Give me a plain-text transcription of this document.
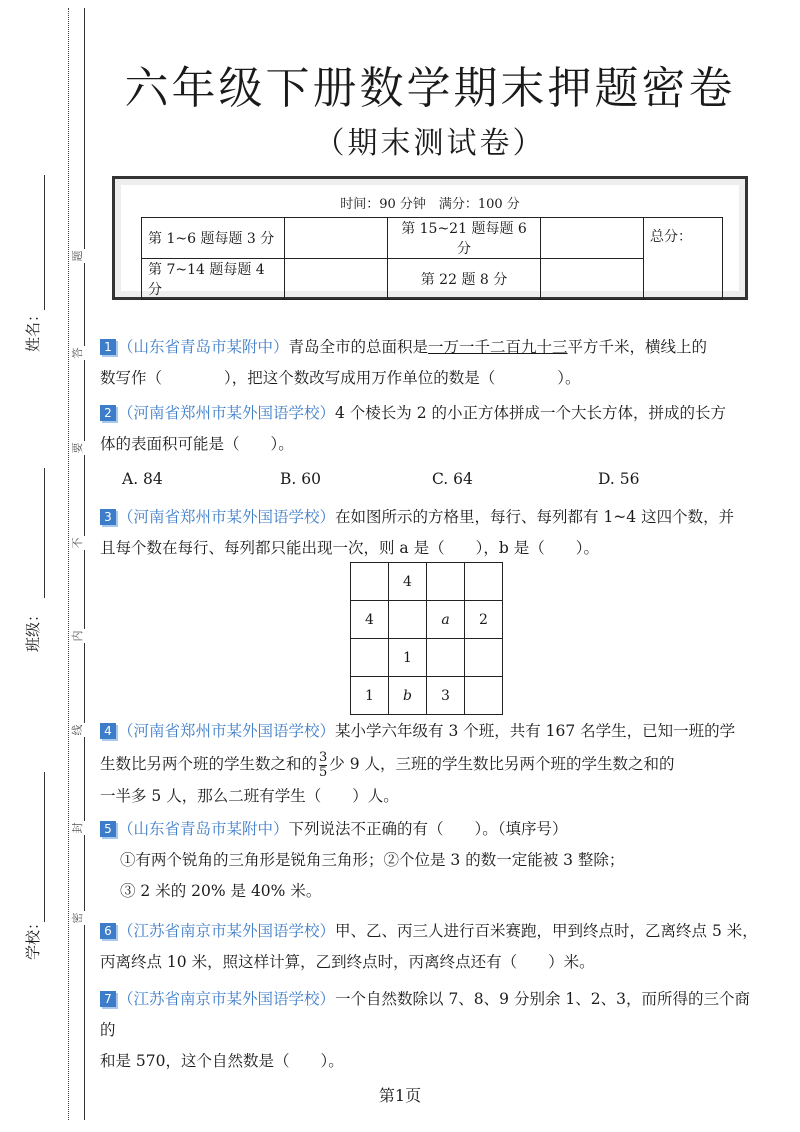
姓名：
班级：
学校：
题
答
要
不
内
线
封
密
六年级下册数学期末押题密卷
（期末测试卷）
时间：90 分钟　满分：100 分
第 1~6 题每题 3 分		第 15~21 题每题 6 分		总分：
第 7~14 题每题 4 分		第 22 题 8 分		
1 （山东省青岛市某附中）青岛全市的总面积是一万一千二百九十三平方千米，横线上的
数写作（　　　　），把这个数改写成用万作单位的数是（　　　　）。
2 （河南省郑州市某外国语学校）4 个棱长为 2 的小正方体拼成一个大长方体，拼成的长方
体的表面积可能是（　　）。
A. 84	B. 60	C. 64	D. 56
3 （河南省郑州市某外国语学校）在如图所示的方格里，每行、每列都有 1~4 这四个数，并
且每个数在每行、每列都只能出现一次，则 a 是（　　），b 是（　　）。
	4		
4		a	2
	1		
1	b	3	
4 （河南省郑州市某外国语学校）某小学六年级有 3 个班，共有 167 名学生，已知一班的学
生数比另两个班的学生数之和的 $\frac{3}{5}$ 少 9 人，三班的学生数比另两个班的学生数之和的
一半多 5 人，那么二班有学生（　　）人。
5 （山东省青岛市某附中）下列说法不正确的有（　　）。（填序号）
①有两个锐角的三角形是锐角三角形；②个位是 3 的数一定能被 3 整除；
③ 2 米的 20% 是 40% 米。
6 （江苏省南京市某外国语学校）甲、乙、丙三人进行百米赛跑，甲到终点时，乙离终点 5 米，
丙离终点 10 米，照这样计算，乙到终点时，丙离终点还有（　　）米。
7 （江苏省南京市某外国语学校）一个自然数除以 7、8、9 分别余 1、2、3，而所得的三个商的
和是 570，这个自然数是（　　）。
第1页
